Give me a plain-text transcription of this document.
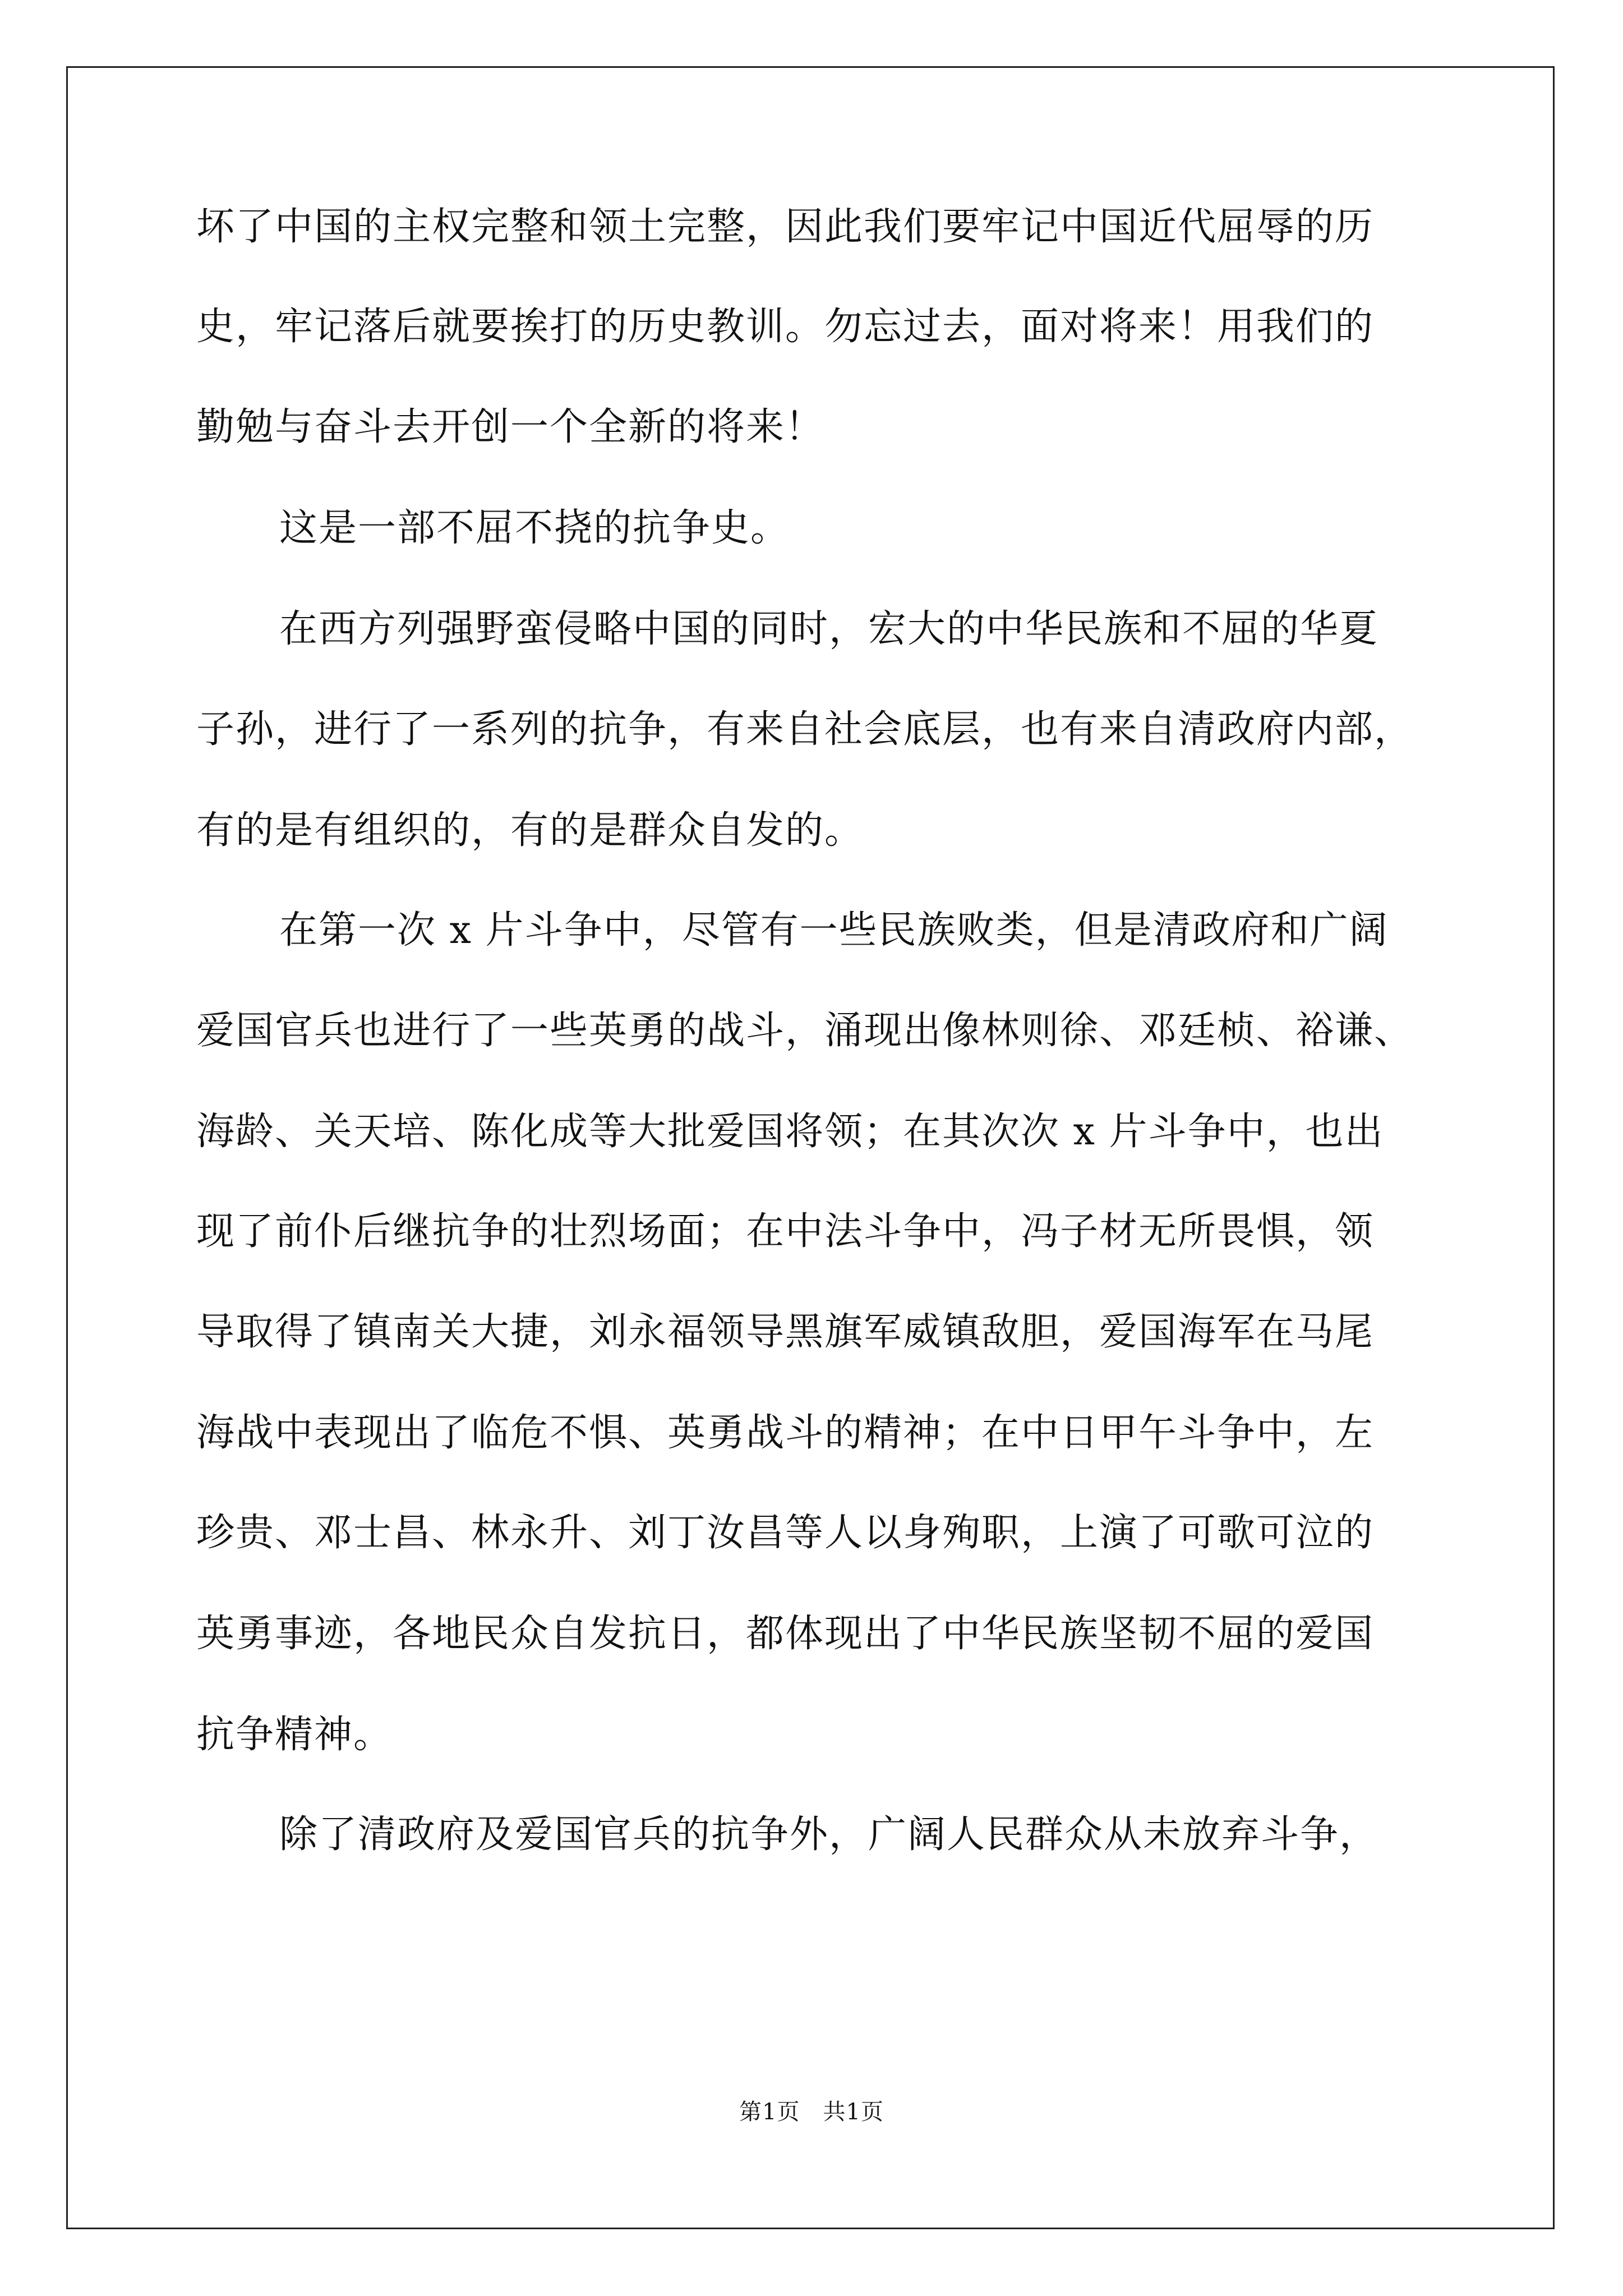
坏了中国的主权完整和领土完整，因此我们要牢记中国近代屈辱的历
史，牢记落后就要挨打的历史教训。勿忘过去，面对将来！用我们的
勤勉与奋斗去开创一个全新的将来！
这是一部不屈不挠的抗争史。
在西方列强野蛮侵略中国的同时，宏大的中华民族和不屈的华夏
子孙，进行了一系列的抗争，有来自社会底层，也有来自清政府内部，
有的是有组织的，有的是群众自发的。
在第一次 x 片斗争中，尽管有一些民族败类，但是清政府和广阔
爱国官兵也进行了一些英勇的战斗，涌现出像林则徐、邓廷桢、裕谦、
海龄、关天培、陈化成等大批爱国将领；在其次次 x 片斗争中，也出
现了前仆后继抗争的壮烈场面；在中法斗争中，冯子材无所畏惧，领
导取得了镇南关大捷，刘永福领导黑旗军威镇敌胆，爱国海军在马尾
海战中表现出了临危不惧、英勇战斗的精神；在中日甲午斗争中，左
珍贵、邓士昌、林永升、刘丁汝昌等人以身殉职，上演了可歌可泣的
英勇事迹，各地民众自发抗日，都体现出了中华民族坚韧不屈的爱国
抗争精神。
除了清政府及爱国官兵的抗争外，广阔人民群众从未放弃斗争，
第1页　共1页
